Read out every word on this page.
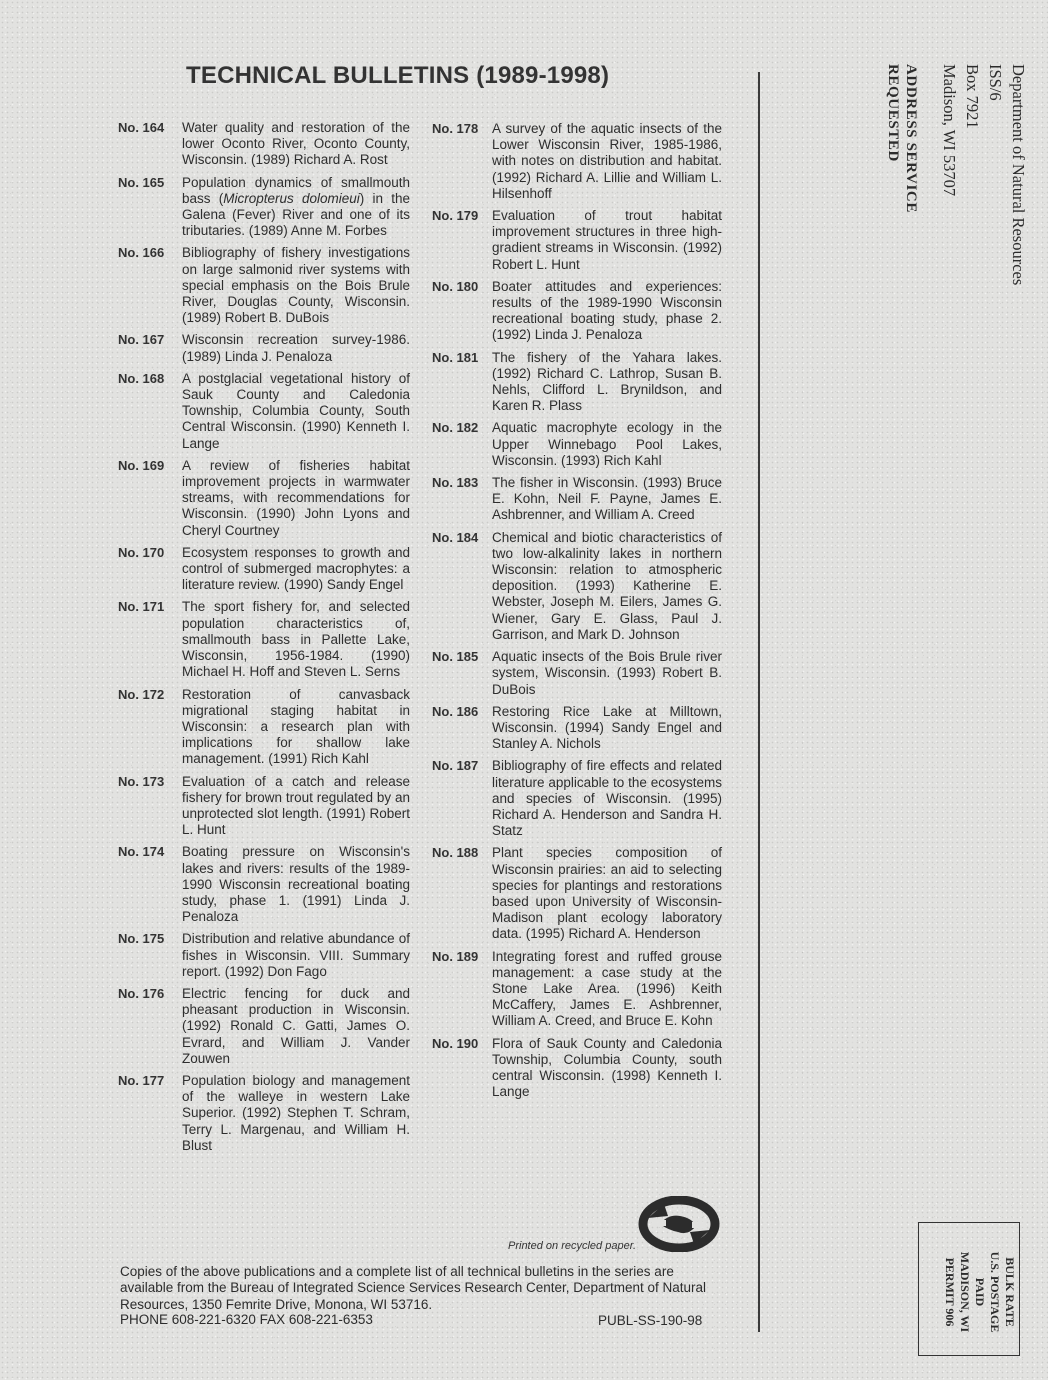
TECHNICAL BULLETINS (1989-1998)
No. 164	Water quality and restoration of the lower Oconto River, Oconto County, Wisconsin. (1989) Richard A. Rost
No. 165	Population dynamics of smallmouth bass (Micropterus dolomieui) in the Galena (Fever) River and one of its tributaries. (1989) Anne M. Forbes
No. 166	Bibliography of fishery investigations on large salmonid river systems with special emphasis on the Bois Brule River, Douglas County, Wisconsin. (1989) Robert B. DuBois
No. 167	Wisconsin recreation survey-1986. (1989) Linda J. Penaloza
No. 168	A postglacial vegetational history of Sauk County and Caledonia Township, Columbia County, South Central Wisconsin. (1990) Kenneth I. Lange
No. 169	A review of fisheries habitat improvement projects in warmwater streams, with recommendations for Wisconsin. (1990) John Lyons and Cheryl Courtney
No. 170	Ecosystem responses to growth and control of submerged macrophytes: a literature review. (1990) Sandy Engel
No. 171	The sport fishery for, and selected population characteristics of, smallmouth bass in Pallette Lake, Wisconsin, 1956-1984. (1990) Michael H. Hoff and Steven L. Serns
No. 172	Restoration of canvasback migrational staging habitat in Wisconsin: a research plan with implications for shallow lake management. (1991) Rich Kahl
No. 173	Evaluation of a catch and release fishery for brown trout regulated by an unprotected slot length. (1991) Robert L. Hunt
No. 174	Boating pressure on Wisconsin's lakes and rivers: results of the 1989-1990 Wisconsin recreational boating study, phase 1. (1991) Linda J. Penaloza
No. 175	Distribution and relative abundance of fishes in Wisconsin. VIII. Summary report. (1992) Don Fago
No. 176	Electric fencing for duck and pheasant production in Wisconsin. (1992) Ronald C. Gatti, James O. Evrard, and William J. Vander Zouwen
No. 177	Population biology and management of the walleye in western Lake Superior. (1992) Stephen T. Schram, Terry L. Margenau, and William H. Blust
No. 178	A survey of the aquatic insects of the Lower Wisconsin River, 1985-1986, with notes on distribution and habitat. (1992) Richard A. Lillie and William L. Hilsenhoff
No. 179	Evaluation of trout habitat improvement structures in three high-gradient streams in Wisconsin. (1992) Robert L. Hunt
No. 180	Boater attitudes and experiences: results of the 1989-1990 Wisconsin recreational boating study, phase 2. (1992) Linda J. Penaloza
No. 181	The fishery of the Yahara lakes. (1992) Richard C. Lathrop, Susan B. Nehls, Clifford L. Brynildson, and Karen R. Plass
No. 182	Aquatic macrophyte ecology in the Upper Winnebago Pool Lakes, Wisconsin. (1993) Rich Kahl
No. 183	The fisher in Wisconsin. (1993) Bruce E. Kohn, Neil F. Payne, James E. Ashbrenner, and William A. Creed
No. 184	Chemical and biotic characteristics of two low-alkalinity lakes in northern Wisconsin: relation to atmospheric deposition. (1993) Katherine E. Webster, Joseph M. Eilers, James G. Wiener, Gary E. Glass, Paul J. Garrison, and Mark D. Johnson
No. 185	Aquatic insects of the Bois Brule river system, Wisconsin. (1993) Robert B. DuBois
No. 186	Restoring Rice Lake at Milltown, Wisconsin. (1994) Sandy Engel and Stanley A. Nichols
No. 187	Bibliography of fire effects and related literature applicable to the ecosystems and species of Wisconsin. (1995) Richard A. Henderson and Sandra H. Statz
No. 188	Plant species composition of Wisconsin prairies: an aid to selecting species for plantings and restorations based upon University of Wisconsin-Madison plant ecology laboratory data. (1995) Richard A. Henderson
No. 189	Integrating forest and ruffed grouse management: a case study at the Stone Lake Area. (1996) Keith McCaffery, James E. Ashbrenner, William A. Creed, and Bruce E. Kohn
No. 190	Flora of Sauk County and Caledonia Township, Columbia County, south central Wisconsin. (1998) Kenneth I. Lange
Department of Natural Resources
ISS/6
Box 7921
Madison, WI 53707
ADDRESS SERVICE
REQUESTED
BULK RATE
U.S. POSTAGE
PAID
MADISON, WI
PERMIT 906
Printed on recycled paper.
Copies of the above publications and a complete list of all technical bulletins in the series are available from the Bureau of Integrated Science Services Research Center, Department of Natural Resources, 1350 Femrite Drive, Monona, WI 53716.
PHONE 608-221-6320 FAX 608-221-6353	PUBL-SS-190-98
